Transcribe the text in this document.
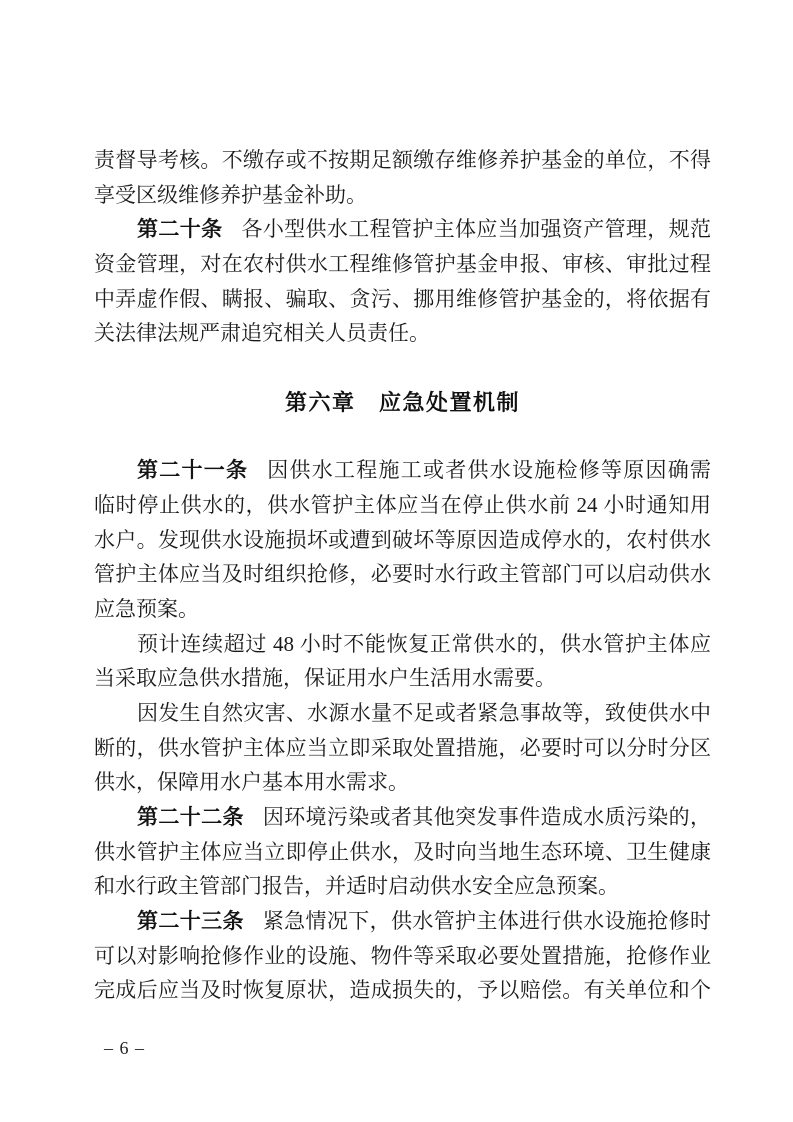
责督导考核。不缴存或不按期足额缴存维修养护基金的单位，不得
享受区级维修养护基金补助。
第二十条 各小型供水工程管护主体应当加强资产管理，规范
资金管理，对在农村供水工程维修管护基金申报、审核、审批过程
中弄虚作假、瞒报、骗取、贪污、挪用维修管护基金的，将依据有
关法律法规严肃追究相关人员责任。
第六章　应急处置机制
第二十一条 因供水工程施工或者供水设施检修等原因确需
临时停止供水的，供水管护主体应当在停止供水前 24 小时通知用
水户。发现供水设施损坏或遭到破坏等原因造成停水的，农村供水
管护主体应当及时组织抢修，必要时水行政主管部门可以启动供水
应急预案。
预计连续超过 48 小时不能恢复正常供水的，供水管护主体应
当采取应急供水措施，保证用水户生活用水需要。
因发生自然灾害、水源水量不足或者紧急事故等，致使供水中
断的，供水管护主体应当立即采取处置措施，必要时可以分时分区
供水，保障用水户基本用水需求。
第二十二条 因环境污染或者其他突发事件造成水质污染的，
供水管护主体应当立即停止供水，及时向当地生态环境、卫生健康
和水行政主管部门报告，并适时启动供水安全应急预案。
第二十三条 紧急情况下，供水管护主体进行供水设施抢修时
可以对影响抢修作业的设施、物件等采取必要处置措施，抢修作业
完成后应当及时恢复原状，造成损失的，予以赔偿。有关单位和个
– 6 –
